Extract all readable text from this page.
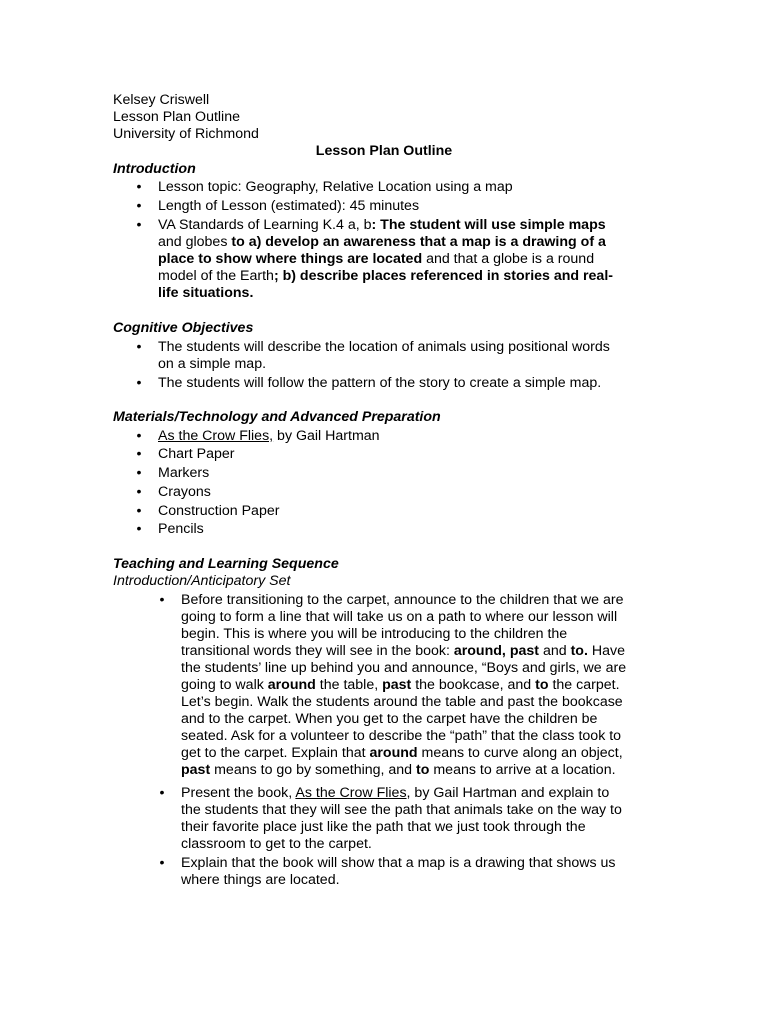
Kelsey Criswell
Lesson Plan Outline
University of Richmond
Lesson Plan Outline
Introduction
• Lesson topic: Geography, Relative Location using a map
• Length of Lesson (estimated): 45 minutes
• VA Standards of Learning K.4 a, b: The student will use simple maps
and globes to a) develop an awareness that a map is a drawing of a
place to show where things are located and that a globe is a round
model of the Earth; b) describe places referenced in stories and real-
life situations.
Cognitive Objectives
• The students will describe the location of animals using positional words
on a simple map.
• The students will follow the pattern of the story to create a simple map.
Materials/Technology and Advanced Preparation
• As the Crow Flies, by Gail Hartman
• Chart Paper
• Markers
• Crayons
• Construction Paper
• Pencils
Teaching and Learning Sequence
Introduction/Anticipatory Set
• Before transitioning to the carpet, announce to the children that we are
going to form a line that will take us on a path to where our lesson will
begin. This is where you will be introducing to the children the
transitional words they will see in the book: around, past and to. Have
the students’ line up behind you and announce, “Boys and girls, we are
going to walk around the table, past the bookcase, and to the carpet.
Let’s begin. Walk the students around the table and past the bookcase
and to the carpet. When you get to the carpet have the children be
seated. Ask for a volunteer to describe the “path” that the class took to
get to the carpet. Explain that around means to curve along an object,
past means to go by something, and to means to arrive at a location.
• Present the book, As the Crow Flies, by Gail Hartman and explain to
the students that they will see the path that animals take on the way to
their favorite place just like the path that we just took through the
classroom to get to the carpet.
• Explain that the book will show that a map is a drawing that shows us
where things are located.
